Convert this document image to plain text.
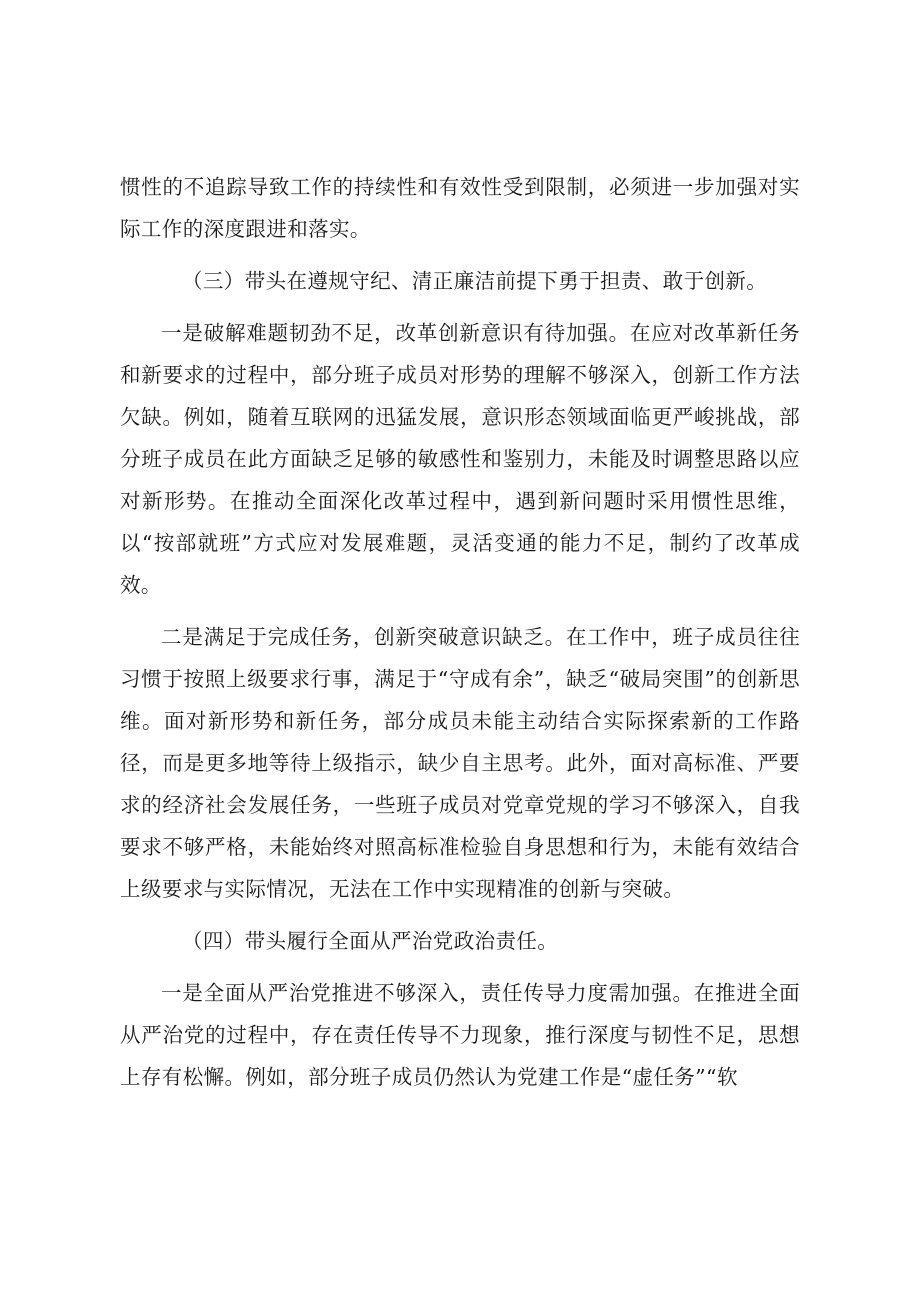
惯性的不追踪导致工作的持续性和有效性受到限制，必须进一步加强对实际工作的深度跟进和落实。

（三）带头在遵规守纪、清正廉洁前提下勇于担责、敢于创新。

一是破解难题韧劲不足，改革创新意识有待加强。在应对改革新任务和新要求的过程中，部分班子成员对形势的理解不够深入，创新工作方法欠缺。例如，随着互联网的迅猛发展，意识形态领域面临更严峻挑战，部分班子成员在此方面缺乏足够的敏感性和鉴别力，未能及时调整思路以应对新形势。在推动全面深化改革过程中，遇到新问题时采用惯性思维，以“按部就班”方式应对发展难题，灵活变通的能力不足，制约了改革成效。

二是满足于完成任务，创新突破意识缺乏。在工作中，班子成员往往习惯于按照上级要求行事，满足于“守成有余”，缺乏“破局突围”的创新思维。面对新形势和新任务，部分成员未能主动结合实际探索新的工作路径，而是更多地等待上级指示，缺少自主思考。此外，面对高标准、严要求的经济社会发展任务，一些班子成员对党章党规的学习不够深入，自我要求不够严格，未能始终对照高标准检验自身思想和行为，未能有效结合上级要求与实际情况，无法在工作中实现精准的创新与突破。

（四）带头履行全面从严治党政治责任。

一是全面从严治党推进不够深入，责任传导力度需加强。在推进全面从严治党的过程中，存在责任传导不力现象，推行深度与韧性不足，思想上存有松懈。例如，部分班子成员仍然认为党建工作是“虚任务”“软
